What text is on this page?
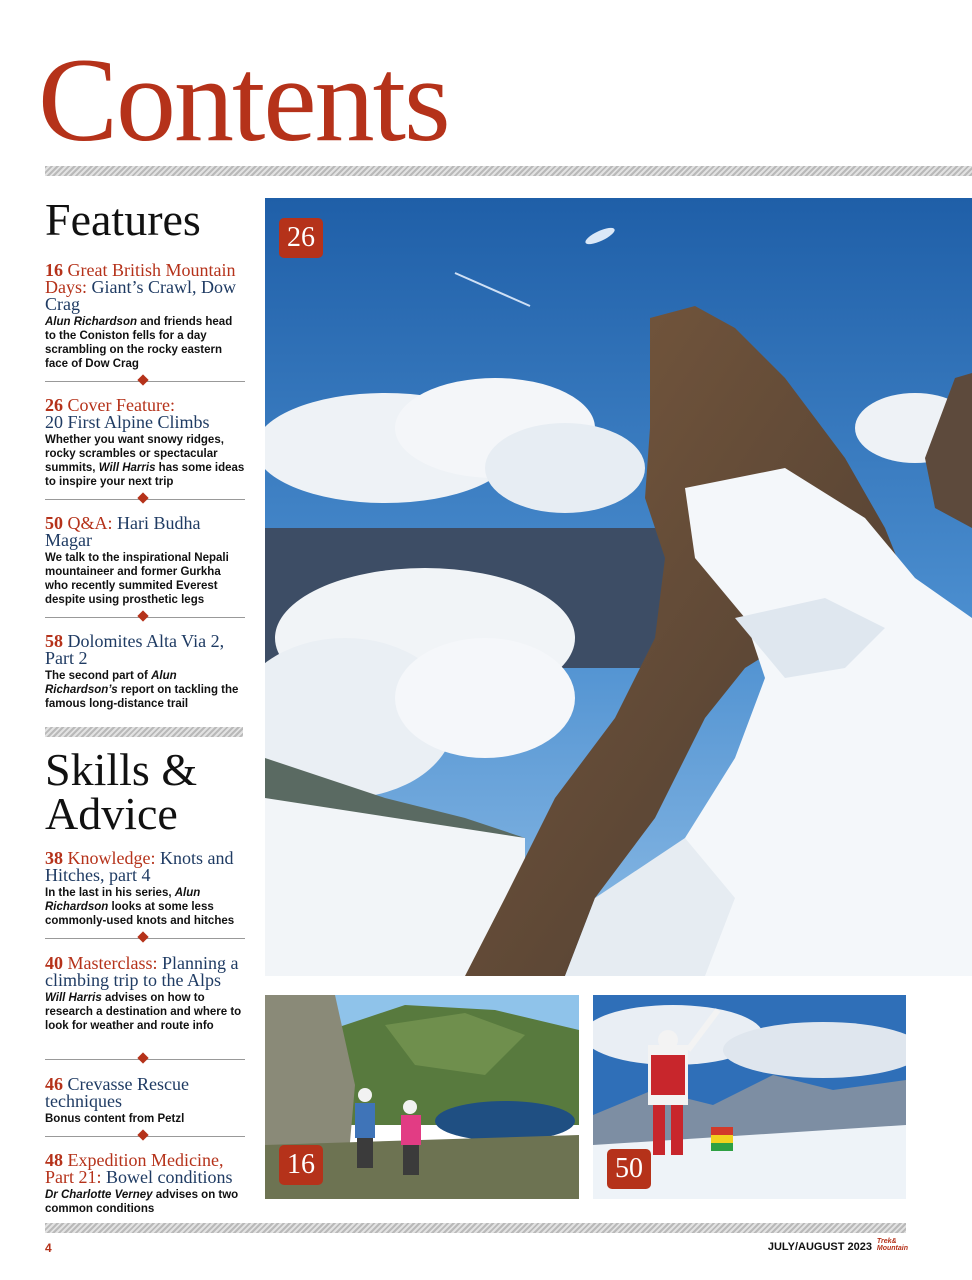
Contents
Features

16 Great British Mountain Days: Giant’s Crawl, Dow Crag

Alun Richardson and friends head to the Coniston fells for a day scrambling on the rocky eastern face of Dow Crag

26 Cover Feature:
20 First Alpine Climbs

Whether you want snowy ridges, rocky scrambles or spectacular summits, Will Harris has some ideas to inspire your next trip

50 Q&A: Hari Budha Magar

We talk to the inspirational Nepali mountaineer and former Gurkha who recently summited Everest despite using prosthetic legs

58 Dolomites Alta Via 2, Part 2

The second part of Alun Richardson’s report on tackling the famous long-distance trail

Skills &
Advice

38 Knowledge: Knots and Hitches, part 4

In the last in his series, Alun Richardson looks at some less commonly-used knots and hitches

40 Masterclass: Planning a climbing trip to the Alps

Will Harris advises on how to research a destination and where to look for weather and route info

46 Crevasse Rescue techniques

Bonus content from Petzl

48 Expedition Medicine, Part 21: Bowel conditions

Dr Charlotte Verney advises on two common conditions

26
16	50
4	JULY/AUGUST 2023 Trek&
Mountain
